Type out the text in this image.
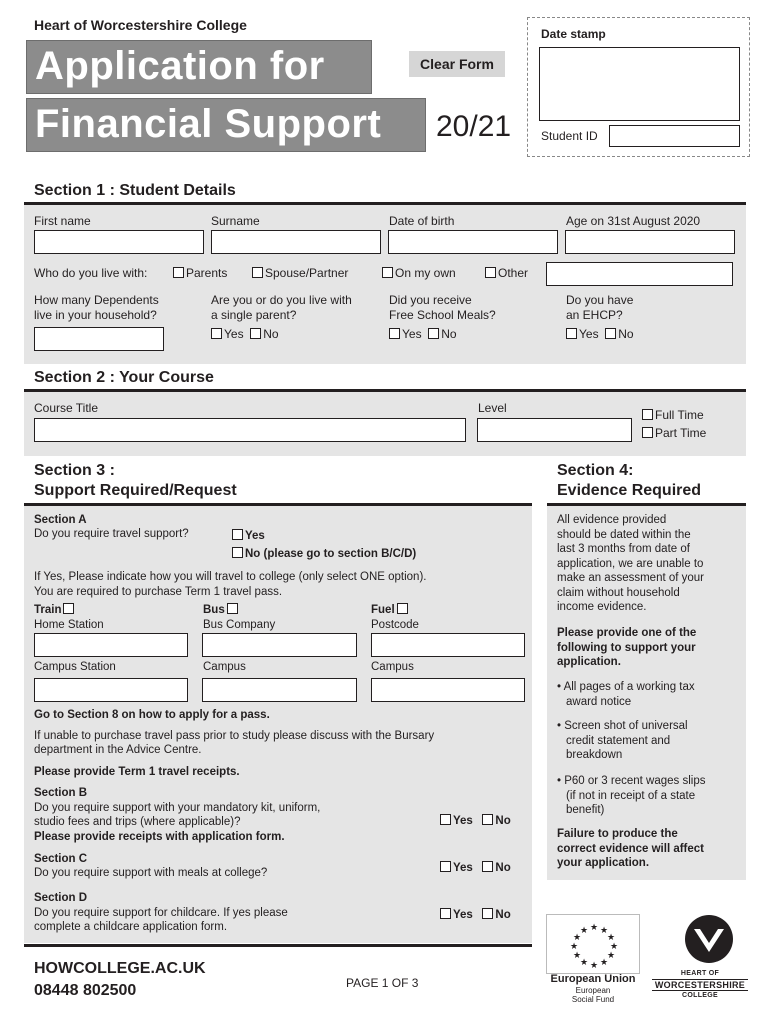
Heart of Worcestershire College
Application for
Financial Support	20/21
Clear Form
Date stamp
Student ID
Section 1 : Student Details
First name	Surname	Date of birth	Age on 31st August 2020
Who do you live with:	Parents	Spouse/Partner	On my own	Other
How many Dependents
live in your household?
Are you or do you live with
a single parent?
Yes No
Did you receive
Free School Meals?
Yes No
Do you have
an EHCP?
Yes No
Section 2 : Your Course
Course Title	Level	Full Time
Part Time
Section 3 :
Support Required/Request
Section A
Do you require travel support?	Yes
No (please go to section B/C/D)
If Yes, Please indicate how you will travel to college (only select ONE option).
You are required to purchase Term 1 travel pass.
Train	Bus	Fuel
Home Station	Bus Company	Postcode
Campus Station	Campus	Campus
Go to Section 8 on how to apply for a pass.
If unable to purchase travel pass prior to study please discuss with the Bursary
department in the Advice Centre.
Please provide Term 1 travel receipts.
Section B
Do you require support with your mandatory kit, uniform,
studio fees and trips (where applicable)?
Please provide receipts with application form.
Yes No
Section C
Do you require support with meals at college?	Yes No
Section D
Do you require support for childcare. If yes please
complete a childcare application form.
Yes No
Section 4:
Evidence Required
All evidence provided
should be dated within the
last 3 months from date of
application, we are unable to
make an assessment of your
claim without household
income evidence.
Please provide one of the
following to support your
application.
• All pages of a working tax
award notice
• Screen shot of universal
credit statement and
breakdown
• P60 or 3 recent wages slips
(if not in receipt of a state
benefit)
Failure to produce the
correct evidence will affect
your application.
★ ★
★
★
★
★
★
★
★
★
★
★
European Union
European
Social Fund
HEART OF
WORCESTERSHIRE
COLLEGE
HOWCOLLEGE.AC.UK
08448 802500	PAGE 1 OF 3
